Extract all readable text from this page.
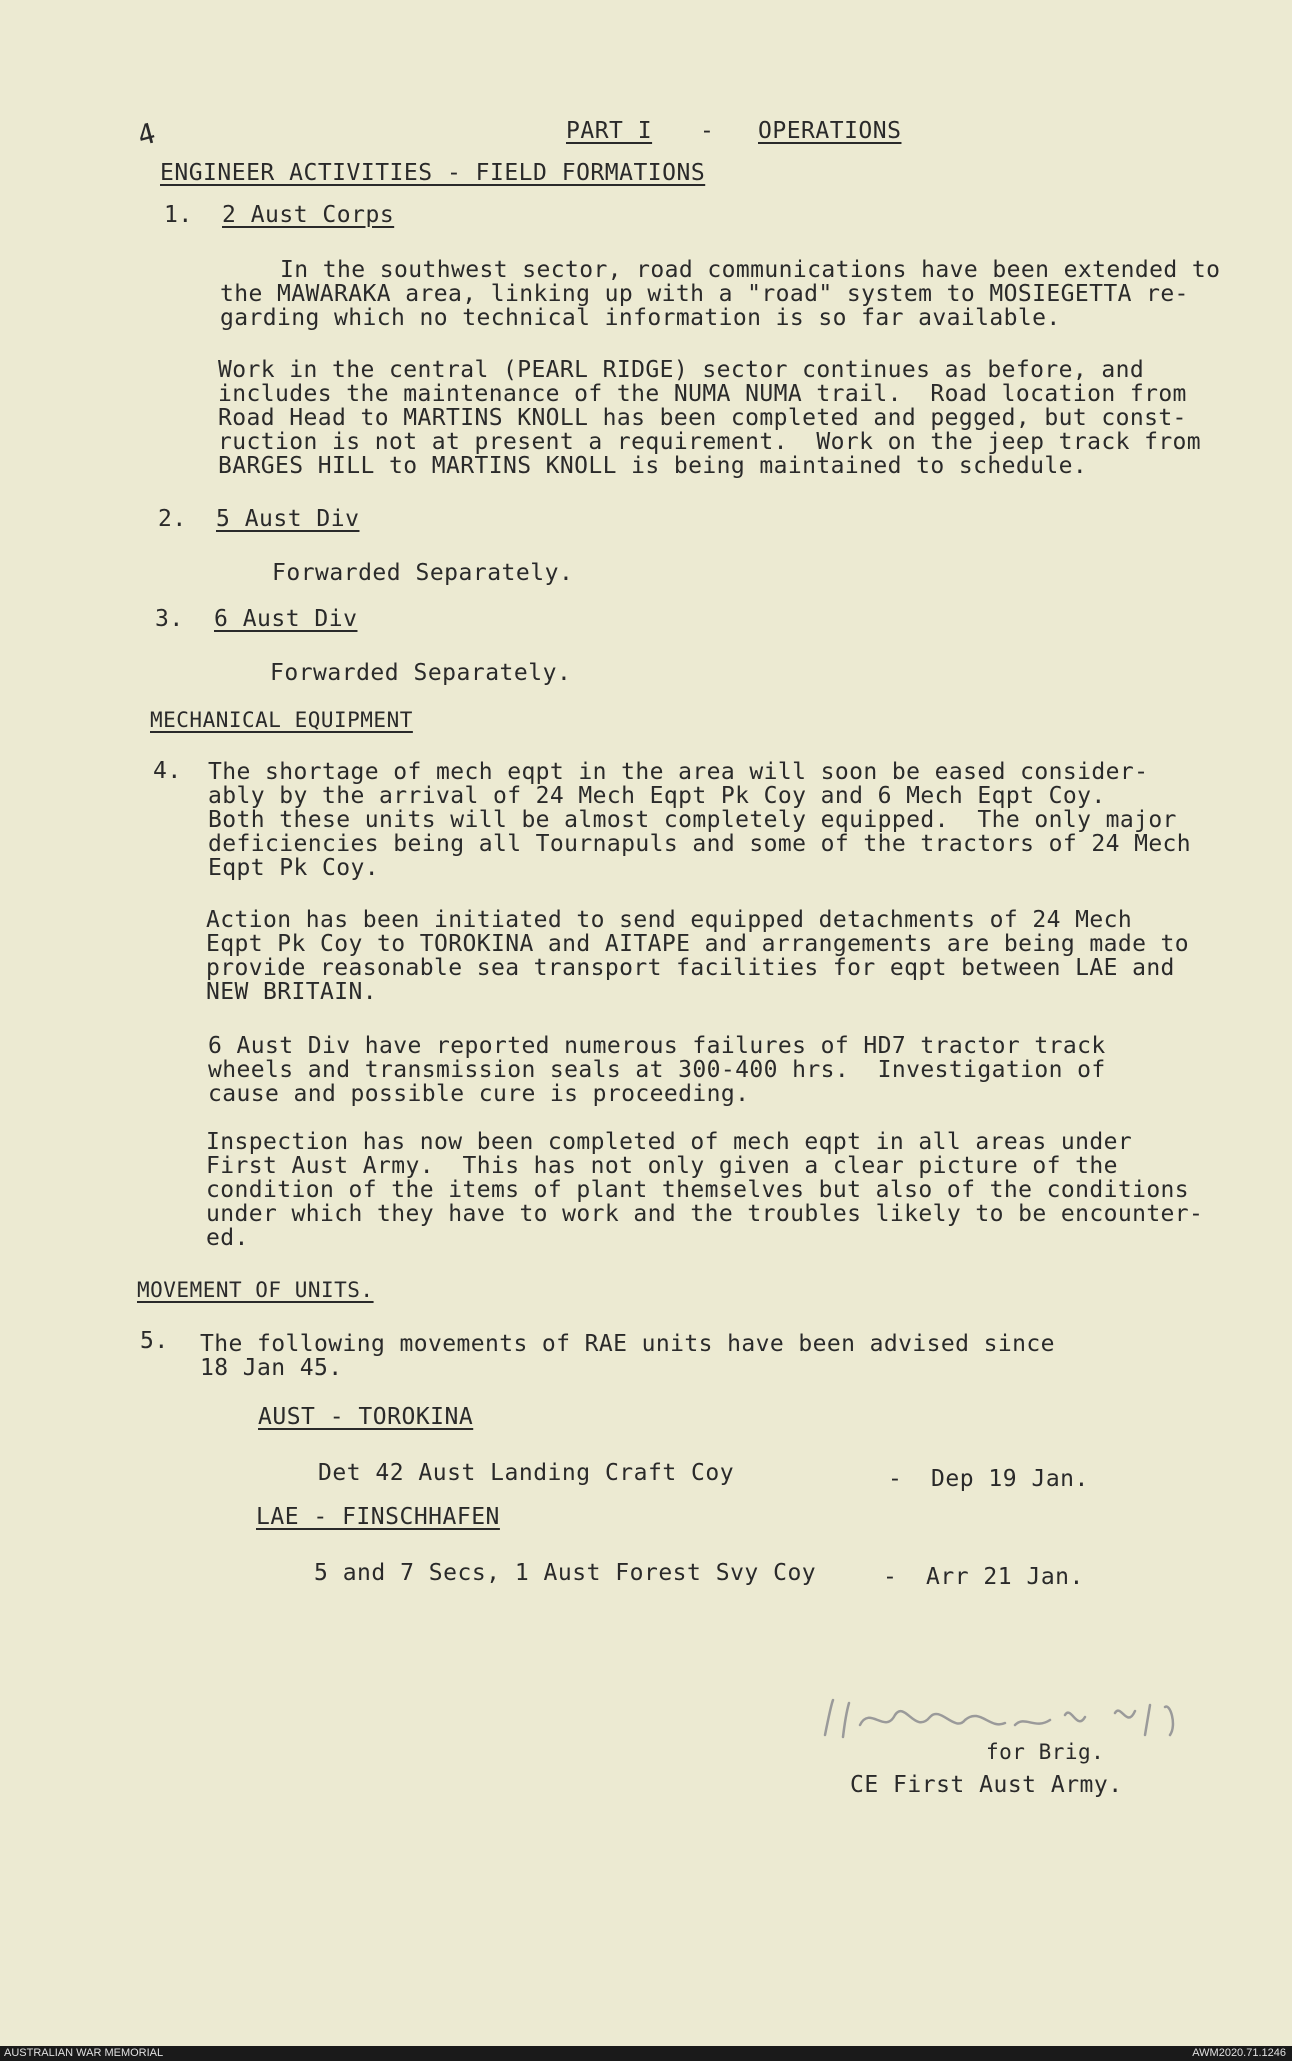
4	PART I - OPERATIONS
ENGINEER ACTIVITIES - FIELD FORMATIONS
1. 2 Aust Corps
In the southwest sector, road communications have been extended to
the MAWARAKA area, linking up with a "road" system to MOSIEGETTA re-
garding which no technical information is so far available.
Work in the central (PEARL RIDGE) sector continues as before, and
includes the maintenance of the NUMA NUMA trail.  Road location from
Road Head to MARTINS KNOLL has been completed and pegged, but const-
ruction is not at present a requirement.  Work on the jeep track from
BARGES HILL to MARTINS KNOLL is being maintained to schedule.
2. 5 Aust Div
Forwarded Separately.
3. 6 Aust Div
Forwarded Separately.
MECHANICAL EQUIPMENT
4. The shortage of mech eqpt in the area will soon be eased consider-
ably by the arrival of 24 Mech Eqpt Pk Coy and 6 Mech Eqpt Coy.
Both these units will be almost completely equipped.  The only major
deficiencies being all Tournapuls and some of the tractors of 24 Mech
Eqpt Pk Coy.
Action has been initiated to send equipped detachments of 24 Mech
Eqpt Pk Coy to TOROKINA and AITAPE and arrangements are being made to
provide reasonable sea transport facilities for eqpt between LAE and
NEW BRITAIN.
6 Aust Div have reported numerous failures of HD7 tractor track
wheels and transmission seals at 300-400 hrs.  Investigation of
cause and possible cure is proceeding.
Inspection has now been completed of mech eqpt in all areas under
First Aust Army.  This has not only given a clear picture of the
condition of the items of plant themselves but also of the conditions
under which they have to work and the troubles likely to be encounter-
ed.
MOVEMENT OF UNITS.
5. The following movements of RAE units have been advised since
18 Jan 45.
AUST - TOROKINA
Det 42 Aust Landing Craft Coy	-  Dep 19 Jan.
LAE - FINSCHHAFEN
5 and 7 Secs, 1 Aust Forest Svy Coy	-  Arr 21 Jan.
for Brig.
CE First Aust Army.
AUSTRALIAN WAR MEMORIAL	AWM2020.71.1246
